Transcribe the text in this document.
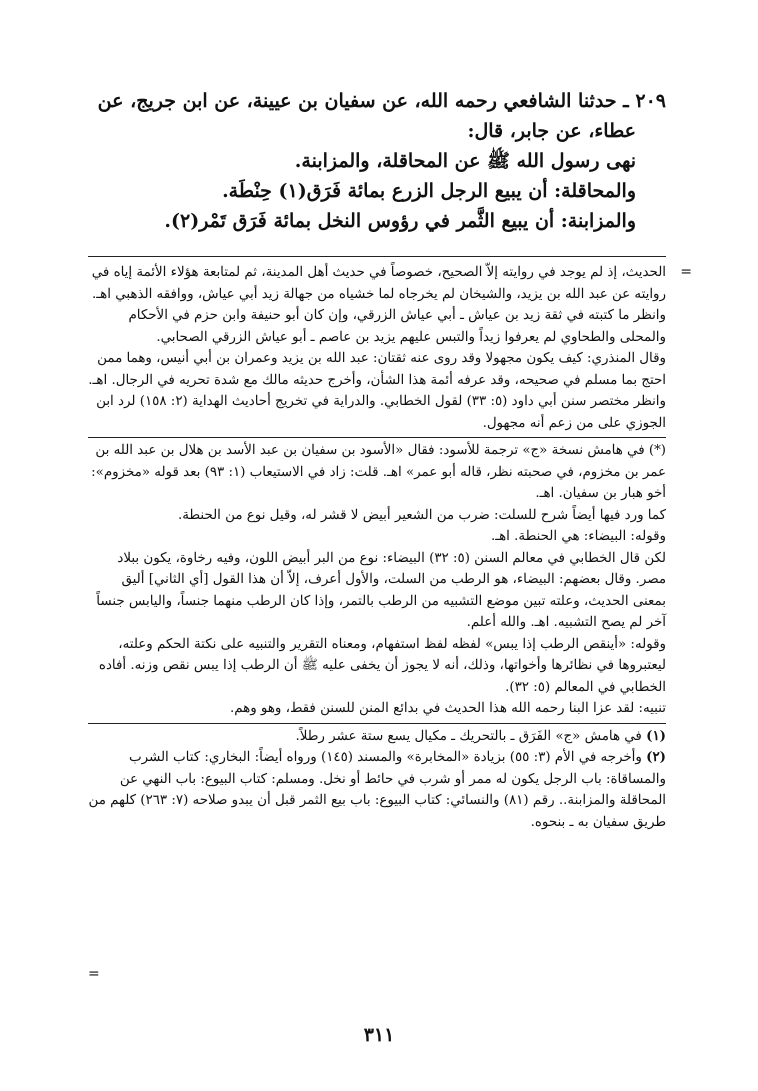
٢٠٩ ـ حدثنا الشافعي رحمه الله، عن سفيان بن عيينة، عن ابن جريج، عن

عطاء، عن جابر، قال:

نهى رسول الله ﷺ عن المحاقلة، والمزابنة.

والمحاقلة: أن يبيع الرجل الزرع بمائة فَرَق(١) حِنْطَة.

والمزابنة: أن يبيع الثَّمر في رؤوس النخل بمائة فَرَق تَمْر(٢).

=

الحديث، إذ لم يوجد في روايته إلاّ الصحيح، خصوصاً في حديث أهل المدينة، ثم لمتابعة هؤلاء الأئمة إياه في روايته عن عبد الله بن يزيد، والشيخان لم يخرجاه لما خشياه من جهالة زيد أبي عياش، ووافقه الذهبي اهـ.

وانظر ما كتبته في ثقة زيد بن عياش ـ أبي عياش الزرقي، وإن كان أبو حنيفة وابن حزم في الأحكام والمحلى والطحاوي لم يعرفوا زيداً والتبس عليهم يزيد بن عاصم ـ أبو عياش الزرقي الصحابي.

وقال المنذري: كيف يكون مجهولا وقد روى عنه ثقتان: عبد الله بن يزيد وعمران بن أبي أنيس، وهما ممن احتج بما مسلم في صحيحه، وقد عرفه أئمة هذا الشأن، وأخرج حديثه مالك مع شدة تحريه في الرجال. اهـ. وانظر مختصر سنن أبي داود (٥: ٣٣) لقول الخطابي. والدراية في تخريج أحاديث الهداية (٢: ١٥٨) لرد ابن الجوزي على من زعم أنه مجهول.

(*) في هامش نسخة «ج» ترجمة للأسود: فقال «الأسود بن سفيان بن عبد الأسد بن هلال بن عبد الله بن عمر بن مخزوم، في صحبته نظر، قاله أبو عمر» اهـ. قلت: زاد في الاستيعاب (١: ٩٣) بعد قوله «مخزوم»: أخو هبار بن سفيان. اهـ.

كما ورد فيها أيضاً شرح للسلت: ضرب من الشعير أبيض لا قشر له، وقيل نوع من الحنطة.

وقوله: البيضاء: هي الحنطة. اهـ.

لكن قال الخطابي في معالم السنن (٥: ٣٢) البيضاء: نوع من البر أبيض اللون، وفيه رخاوة، يكون ببلاد مصر. وقال بعضهم: البيضاء، هو الرطب من السلت، والأول أعرف، إلاّ أن هذا القول [أي الثاني] أليق بمعنى الحديث، وعلته تبين موضع التشبيه من الرطب بالتمر، وإذا كان الرطب منهما جنساً، واليابس جنساً آخر لم يصح التشبيه. اهـ. والله أعلم.

وقوله: «أينقص الرطب إذا يبس» لفظه لفظ استفهام، ومعناه التقرير والتنبيه على نكتة الحكم وعلته، ليعتبروها في نظائرها وأخواتها، وذلك، أنه لا يجوز أن يخفى عليه ﷺ أن الرطب إذا يبس نقص وزنه. أفاده الخطابي في المعالم (٥: ٣٢).

تنبيه: لقد عزا البنا رحمه الله هذا الحديث في بدائع المنن للسنن فقط، وهو وهم.

(١) في هامش «ج» الفَرَق ـ بالتحريك ـ مكيال يسع ستة عشر رطلاً.

(٢) وأخرجه في الأم (٣: ٥٥) بزيادة «المخابرة» والمسند (١٤٥) ورواه أيضاً: البخاري: كتاب الشرب والمساقاة: باب الرجل يكون له ممر أو شرب في حائط أو نخل. ومسلم: كتاب البيوع: باب النهي عن المحاقلة والمزابنة.. رقم (٨١) والنسائي: كتاب البيوع: باب بيع الثمر قبل أن يبدو صلاحه (٧: ٢٦٣) كلهم من طريق سفيان به ـ بنحوه.

=
٣١١
